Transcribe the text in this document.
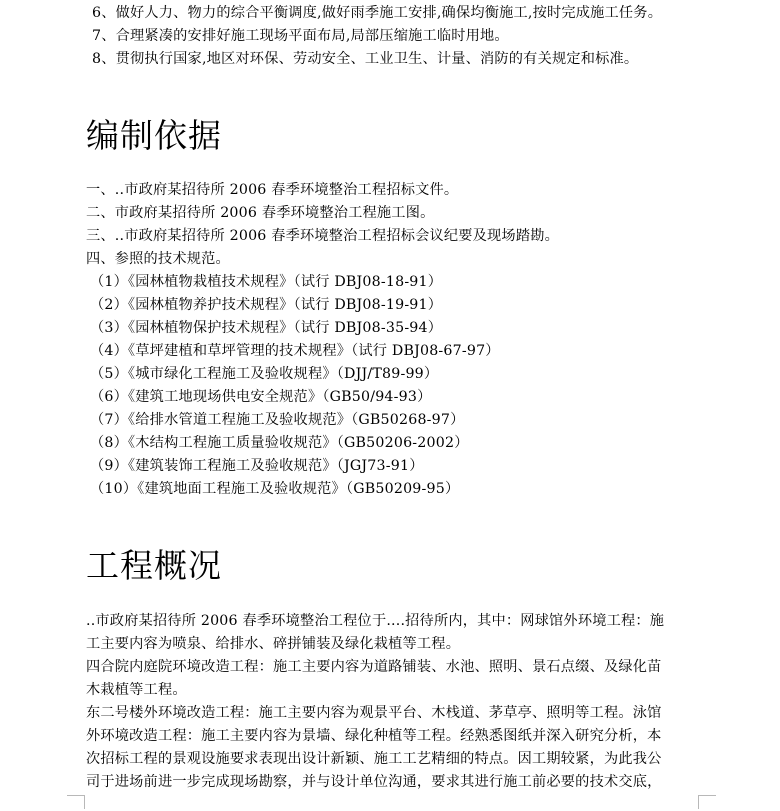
6、做好人力、物力的综合平衡调度,做好雨季施工安排,确保均衡施工,按时完成施工任务。
7、合理紧凑的安排好施工现场平面布局,局部压缩施工临时用地。
8、贯彻执行国家,地区对环保、劳动安全、工业卫生、计量、消防的有关规定和标准。
编制依据
一、..市政府某招待所 2006 春季环境整治工程招标文件。
二、市政府某招待所 2006 春季环境整治工程施工图。
三、..市政府某招待所 2006 春季环境整治工程招标会议纪要及现场踏勘。
四、参照的技术规范。
（1）《园林植物栽植技术规程》（试行 DBJ08-18-91）
（2）《园林植物养护技术规程》（试行 DBJ08-19-91）
（3）《园林植物保护技术规程》（试行 DBJ08-35-94）
（4）《草坪建植和草坪管理的技术规程》（试行 DBJ08-67-97）
（5）《城市绿化工程施工及验收规程》（DJJ/T89-99）
（6）《建筑工地现场供电安全规范》（GB50/94-93）
（7）《给排水管道工程施工及验收规范》（GB50268-97）
（8）《木结构工程施工质量验收规范》（GB50206-2002）
（9）《建筑装饰工程施工及验收规范》（JGJ73-91）
（10）《建筑地面工程施工及验收规范》（GB50209-95）
工程概况
..市政府某招待所 2006 春季环境整治工程位于....招待所内，其中：网球馆外环境工程：施
工主要内容为喷泉、给排水、碎拼铺装及绿化栽植等工程。
四合院内庭院环境改造工程：施工主要内容为道路铺装、水池、照明、景石点缀、及绿化苗
木栽植等工程。
东二号楼外环境改造工程：施工主要内容为观景平台、木栈道、茅草亭、照明等工程。泳馆
外环境改造工程：施工主要内容为景墙、绿化种植等工程。经熟悉图纸并深入研究分析，本
次招标工程的景观设施要求表现出设计新颖、施工工艺精细的特点。因工期较紧，为此我公
司于进场前进一步完成现场勘察，并与设计单位沟通，要求其进行施工前必要的技术交底，
